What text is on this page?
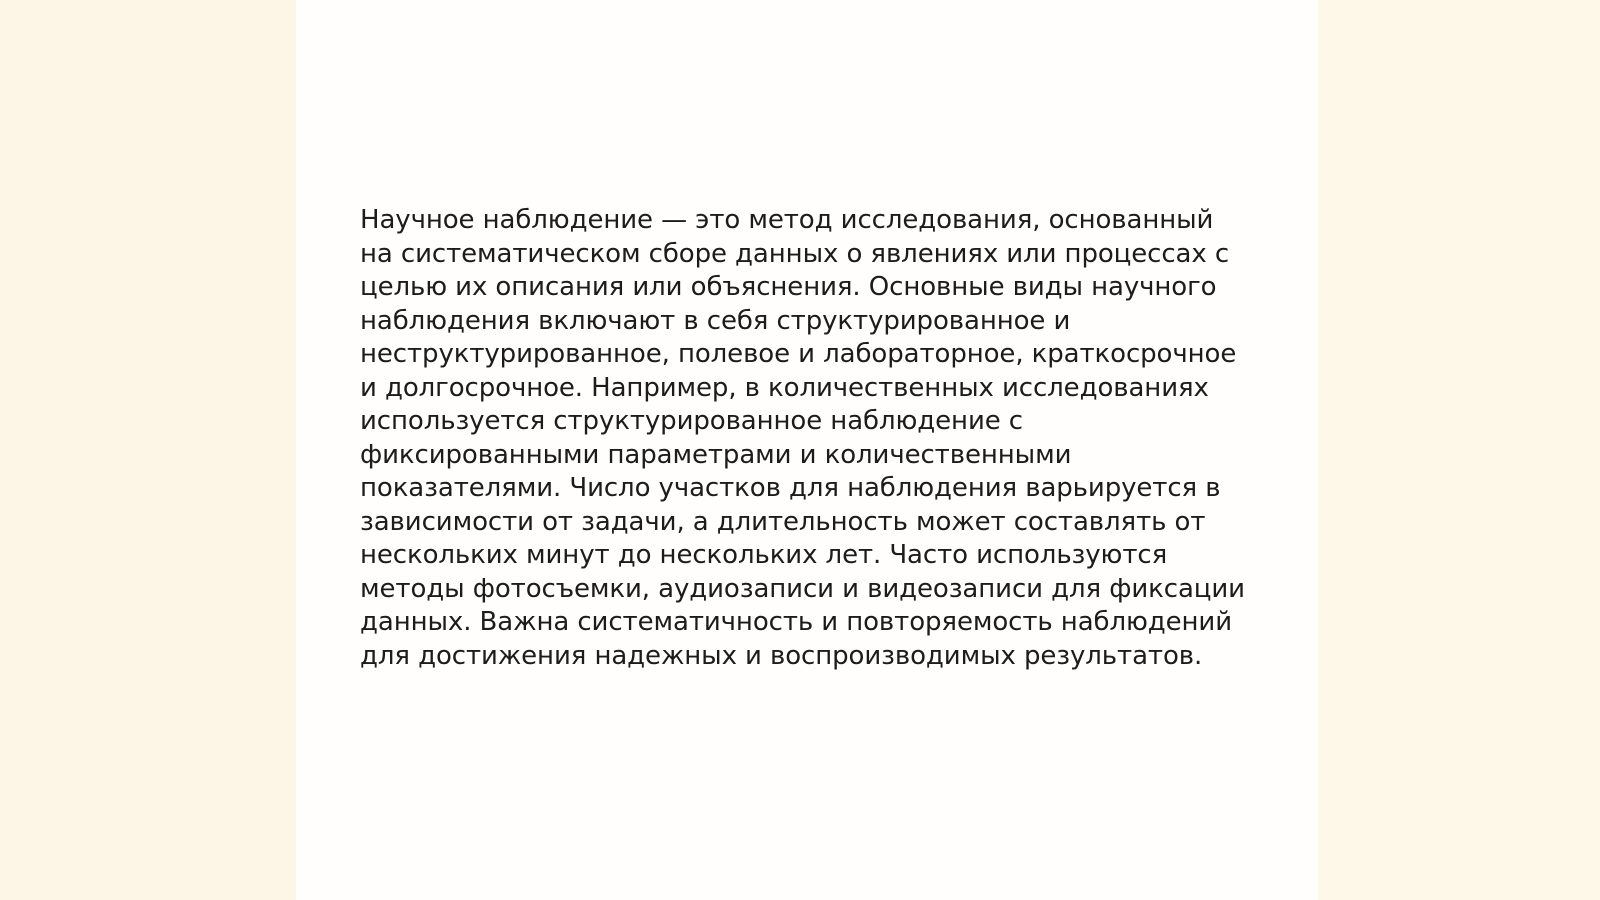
Научное наблюдение — это метод исследования, основанный
на систематическом сборе данных о явлениях или процессах с
целью их описания или объяснения. Основные виды научного
наблюдения включают в себя структурированное и
неструктурированное, полевое и лабораторное, краткосрочное
и долгосрочное. Например, в количественных исследованиях
используется структурированное наблюдение с
фиксированными параметрами и количественными
показателями. Число участков для наблюдения варьируется в
зависимости от задачи, а длительность может составлять от
нескольких минут до нескольких лет. Часто используются
методы фотосъемки, аудиозаписи и видеозаписи для фиксации
данных. Важна систематичность и повторяемость наблюдений
для достижения надежных и воспроизводимых результатов.
